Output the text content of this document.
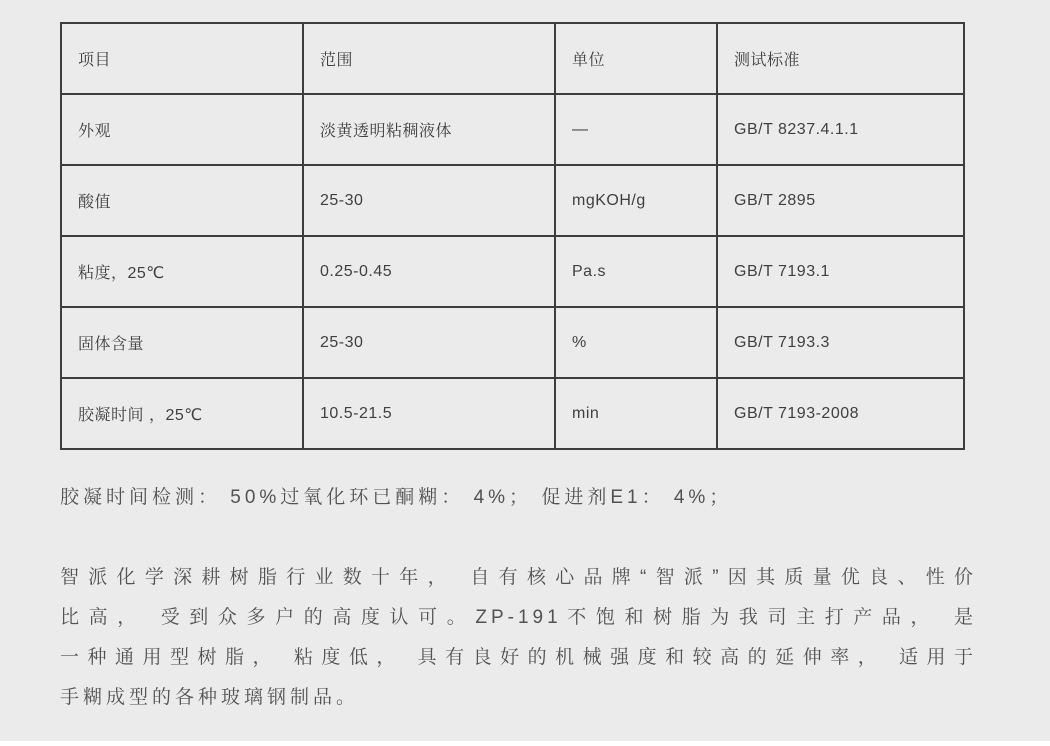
项目	范围	单位	测试标准
外观	淡黄透明粘稠液体	—	GB/T 8237.4.1.1
酸值	25-30	mgKOH/g	GB/T 2895
粘度，25℃	0.25-0.45	Pa.s	GB/T 7193.1
固体含量	25-30	%	GB/T 7193.3
胶凝时间 ，25℃	10.5-21.5	min	GB/T 7193-2008
胶凝时间检测： 50%过氧化环已酮糊： 4%； 促进剂E1： 4%；
智派化学深耕树脂行业数十年， 自有核心品牌“智派”因其质量优良、性价
比高， 受到众多户的高度认可。ZP-191不饱和树脂为我司主打产品， 是
一种通用型树脂， 粘度低， 具有良好的机械强度和较高的延伸率， 适用于
手糊成型的各种玻璃钢制品。
